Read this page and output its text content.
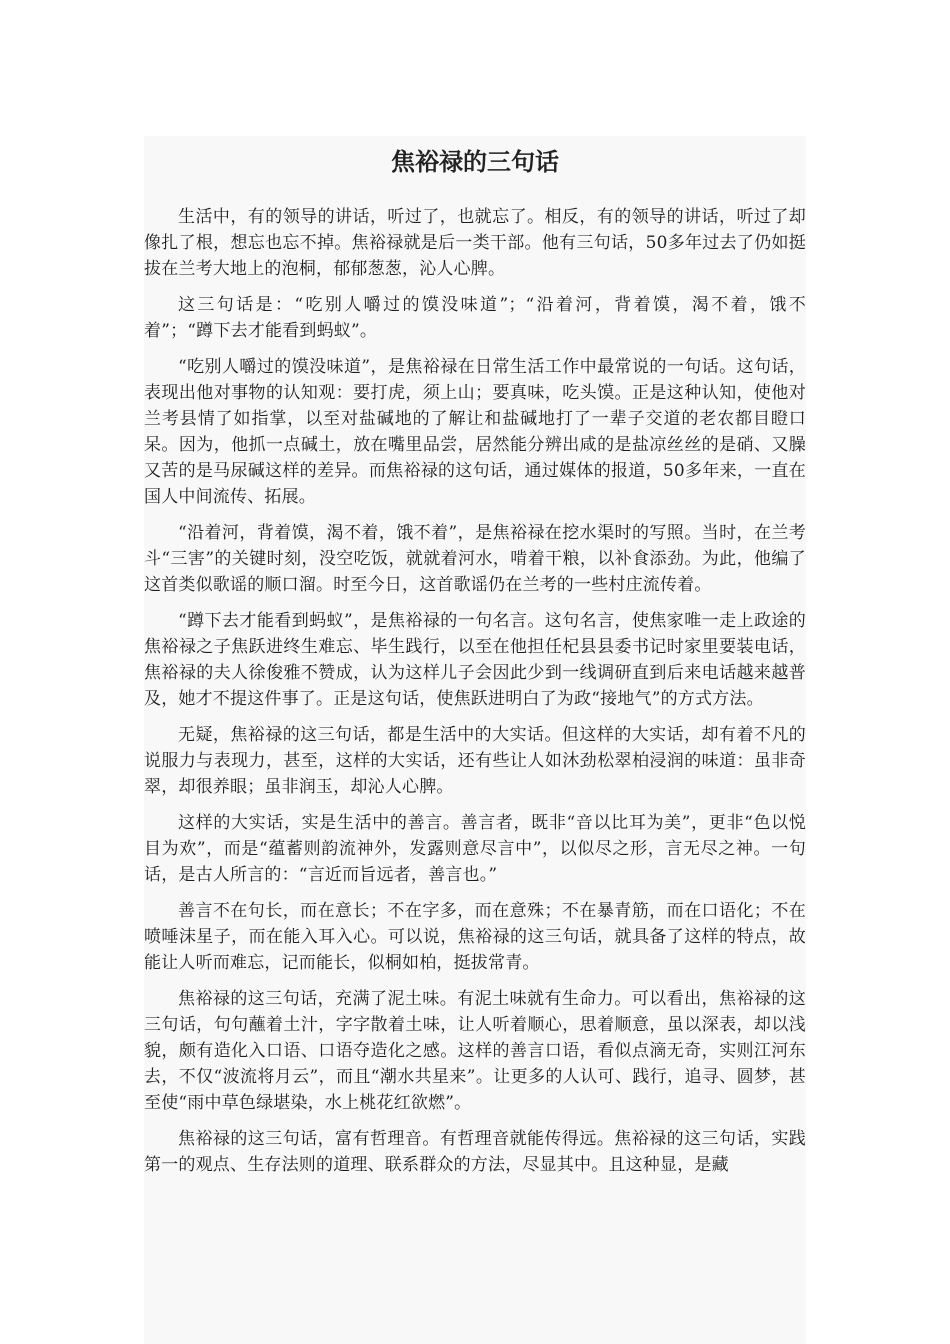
焦裕禄的三句话

生活中，有的领导的讲话，听过了，也就忘了。相反，有的领导的讲话，听过了却像扎了根，想忘也忘不掉。焦裕禄就是后一类干部。他有三句话，50多年过去了仍如挺拔在兰考大地上的泡桐，郁郁葱葱，沁人心脾。

这三句话是：“吃别人嚼过的馍没味道”；“沿着河，背着馍，渴不着，饿不着”；“蹲下去才能看到蚂蚁”。

“吃别人嚼过的馍没味道”，是焦裕禄在日常生活工作中最常说的一句话。这句话，表现出他对事物的认知观：要打虎，须上山；要真味，吃头馍。正是这种认知，使他对兰考县情了如指掌，以至对盐碱地的了解让和盐碱地打了一辈子交道的老农都目瞪口呆。因为，他抓一点碱土，放在嘴里品尝，居然能分辨出咸的是盐凉丝丝的是硝、又臊又苦的是马尿碱这样的差异。而焦裕禄的这句话，通过媒体的报道，50多年来，一直在国人中间流传、拓展。

“沿着河，背着馍，渴不着，饿不着”，是焦裕禄在挖水渠时的写照。当时，在兰考斗“三害”的关键时刻，没空吃饭，就就着河水，啃着干粮，以补食添劲。为此，他编了这首类似歌谣的顺口溜。时至今日，这首歌谣仍在兰考的一些村庄流传着。

“蹲下去才能看到蚂蚁”，是焦裕禄的一句名言。这句名言，使焦家唯一走上政途的焦裕禄之子焦跃进终生难忘、毕生践行，以至在他担任杞县县委书记时家里要装电话，焦裕禄的夫人徐俊雅不赞成，认为这样儿子会因此少到一线调研直到后来电话越来越普及，她才不提这件事了。正是这句话，使焦跃进明白了为政“接地气”的方式方法。

无疑，焦裕禄的这三句话，都是生活中的大实话。但这样的大实话，却有着不凡的说服力与表现力，甚至，这样的大实话，还有些让人如沐劲松翠柏浸润的味道：虽非奇翠，却很养眼；虽非润玉，却沁人心脾。

这样的大实话，实是生活中的善言。善言者，既非“音以比耳为美”，更非“色以悦目为欢”，而是“蕴蓄则韵流神外，发露则意尽言中”，以似尽之形，言无尽之神。一句话，是古人所言的：“言近而旨远者，善言也。”

善言不在句长，而在意长；不在字多，而在意殊；不在暴青筋，而在口语化；不在喷唾沫星子，而在能入耳入心。可以说，焦裕禄的这三句话，就具备了这样的特点，故能让人听而难忘，记而能长，似桐如柏，挺拔常青。

焦裕禄的这三句话，充满了泥土味。有泥土味就有生命力。可以看出，焦裕禄的这三句话，句句蘸着土汁，字字散着土味，让人听着顺心，思着顺意，虽以深表，却以浅貌，颇有造化入口语、口语夺造化之感。这样的善言口语，看似点滴无奇，实则江河东去，不仅“波流将月云”，而且“潮水共星来”。让更多的人认可、践行，追寻、圆梦，甚至使“雨中草色绿堪染，水上桃花红欲燃”。

焦裕禄的这三句话，富有哲理音。有哲理音就能传得远。焦裕禄的这三句话，实践第一的观点、生存法则的道理、联系群众的方法，尽显其中。且这种显，是藏
